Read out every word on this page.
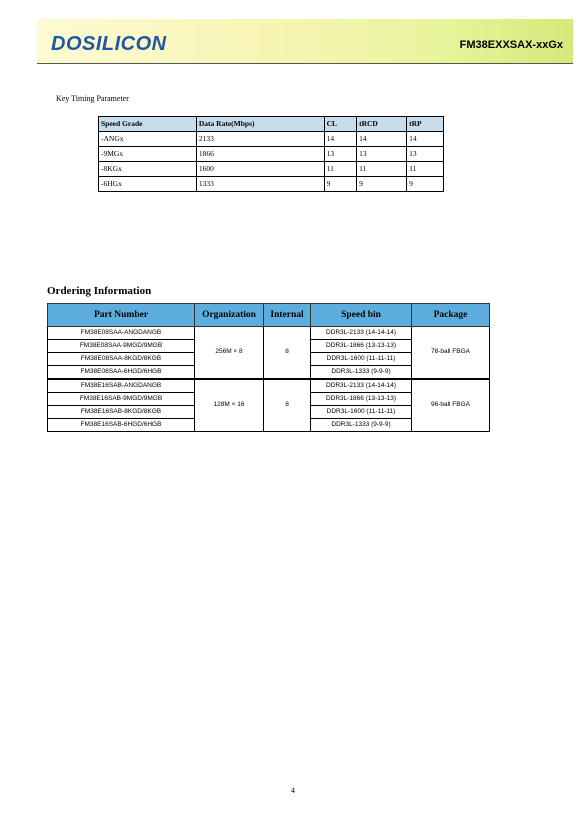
DOSILICON	FM38EXXSAX-xxGx
Key Timing Parameter
Speed Grade	Data Rate(Mbps)	CL	tRCD	tRP
-ANGx	2133	14	14	14
-9MGx	1866	13	13	13
-8KGx	1600	11	11	11
-6HGx	1333	9	9	9
Ordering Information
Part Number	Organization	Internal	Speed bin	Package
FM38E08SAA-ANGDANGB	256M × 8	8	DDR3L-2133 (14-14-14)	78-ball FBGA
FM38E08SAA-9MGD/9MGB			DDR3L-1866 (13-13-13)	
FM38E08SAA-8KGD/8KGB			DDR3L-1600 (11-11-11)	
FM38E08SAA-6HGD/6HGB			DDR3L-1333 (9-9-9)	
FM38E16SAB-ANGDANGB	128M × 16	8	DDR3L-2133 (14-14-14)	96-ball FBGA
FM38E16SAB-9MGD/9MGB			DDR3L-1866 (13-13-13)	
FM38E16SAB-8KGD/8KGB			DDR3L-1600 (11-11-11)	
FM38E16SAB-6HGD/6HGB			DDR3L-1333 (9-9-9)	
4
